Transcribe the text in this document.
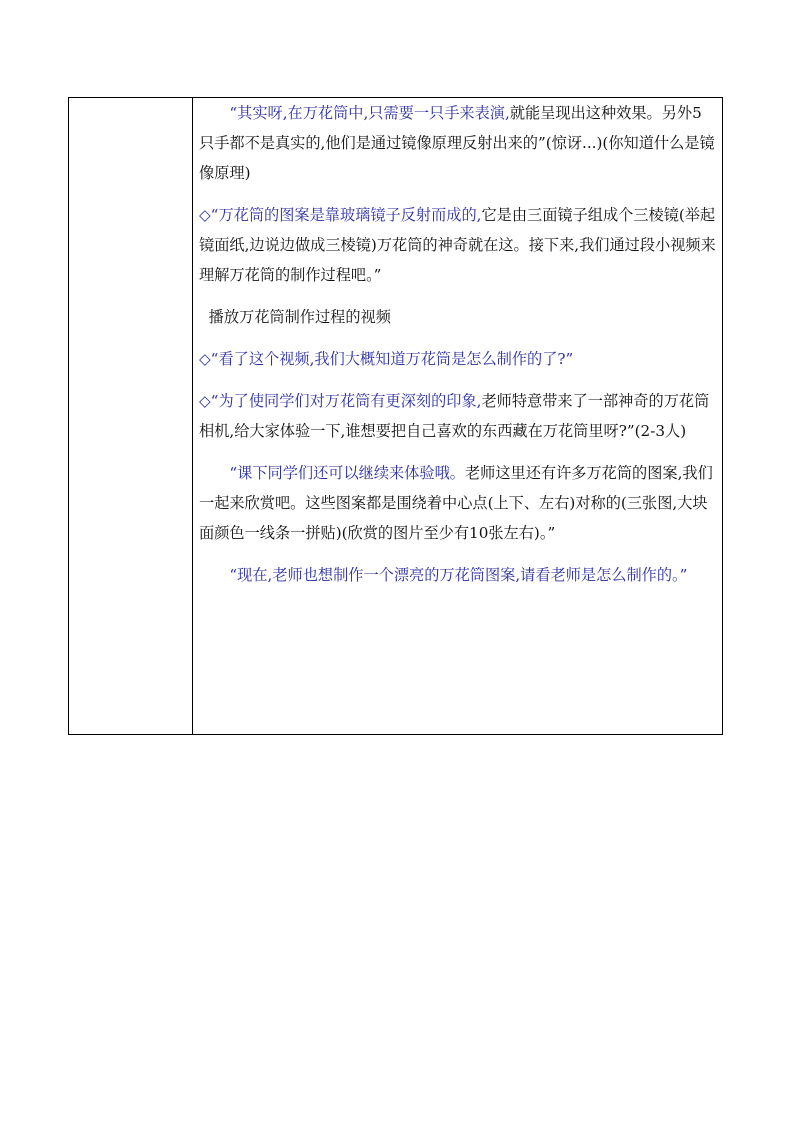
“其实呀,在万花筒中,只需要一只手来表演,就能呈现出这种效果。另外5只手都不是真实的,他们是通过镜像原理反射出来的”(惊讶...)(你知道什么是镜像原理)

◇“万花筒的图案是靠玻璃镜子反射而成的,它是由三面镜子组成个三棱镜(举起镜面纸,边说边做成三棱镜)万花筒的神奇就在这。接下来,我们通过段小视频来理解万花筒的制作过程吧。”

播放万花筒制作过程的视频

◇“看了这个视频,我们大概知道万花筒是怎么制作的了?”

◇“为了使同学们对万花筒有更深刻的印象,老师特意带来了一部神奇的万花筒相机,给大家体验一下,谁想要把自己喜欢的东西藏在万花筒里呀?”(2-3人)

“课下同学们还可以继续来体验哦。老师这里还有许多万花筒的图案,我们一起来欣赏吧。这些图案都是围绕着中心点(上下、左右)对称的(三张图,大块面颜色一线条一拼贴)(欣赏的图片至少有10张左右)。”

“现在,老师也想制作一个漂亮的万花筒图案,请看老师是怎么制作的。”
